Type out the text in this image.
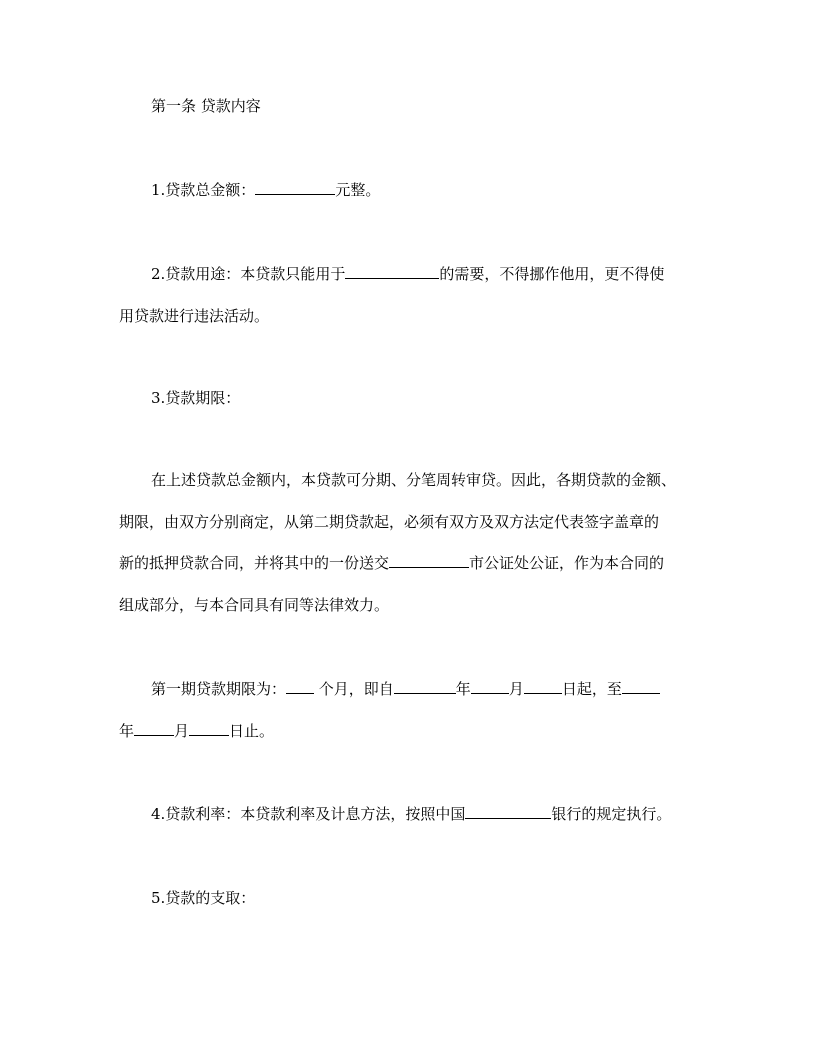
第一条 贷款内容
1.贷款总金额：	元整。
2.贷款用途：本贷款只能用于	的需要，不得挪作他用，更不得使
用贷款进行违法活动。
3.贷款期限：
在上述贷款总金额内，本贷款可分期、分笔周转审贷。因此，各期贷款的金额、
期限，由双方分别商定，从第二期贷款起，必须有双方及双方法定代表签字盖章的
新的抵押贷款合同，并将其中的一份送交	市公证处公证，作为本合同的
组成部分，与本合同具有同等法律效力。
第一期贷款期限为： 个月，即自	年	月	日起，至
年	月	日止。
4.贷款利率：本贷款利率及计息方法，按照中国	银行的规定执行。
5.贷款的支取：
